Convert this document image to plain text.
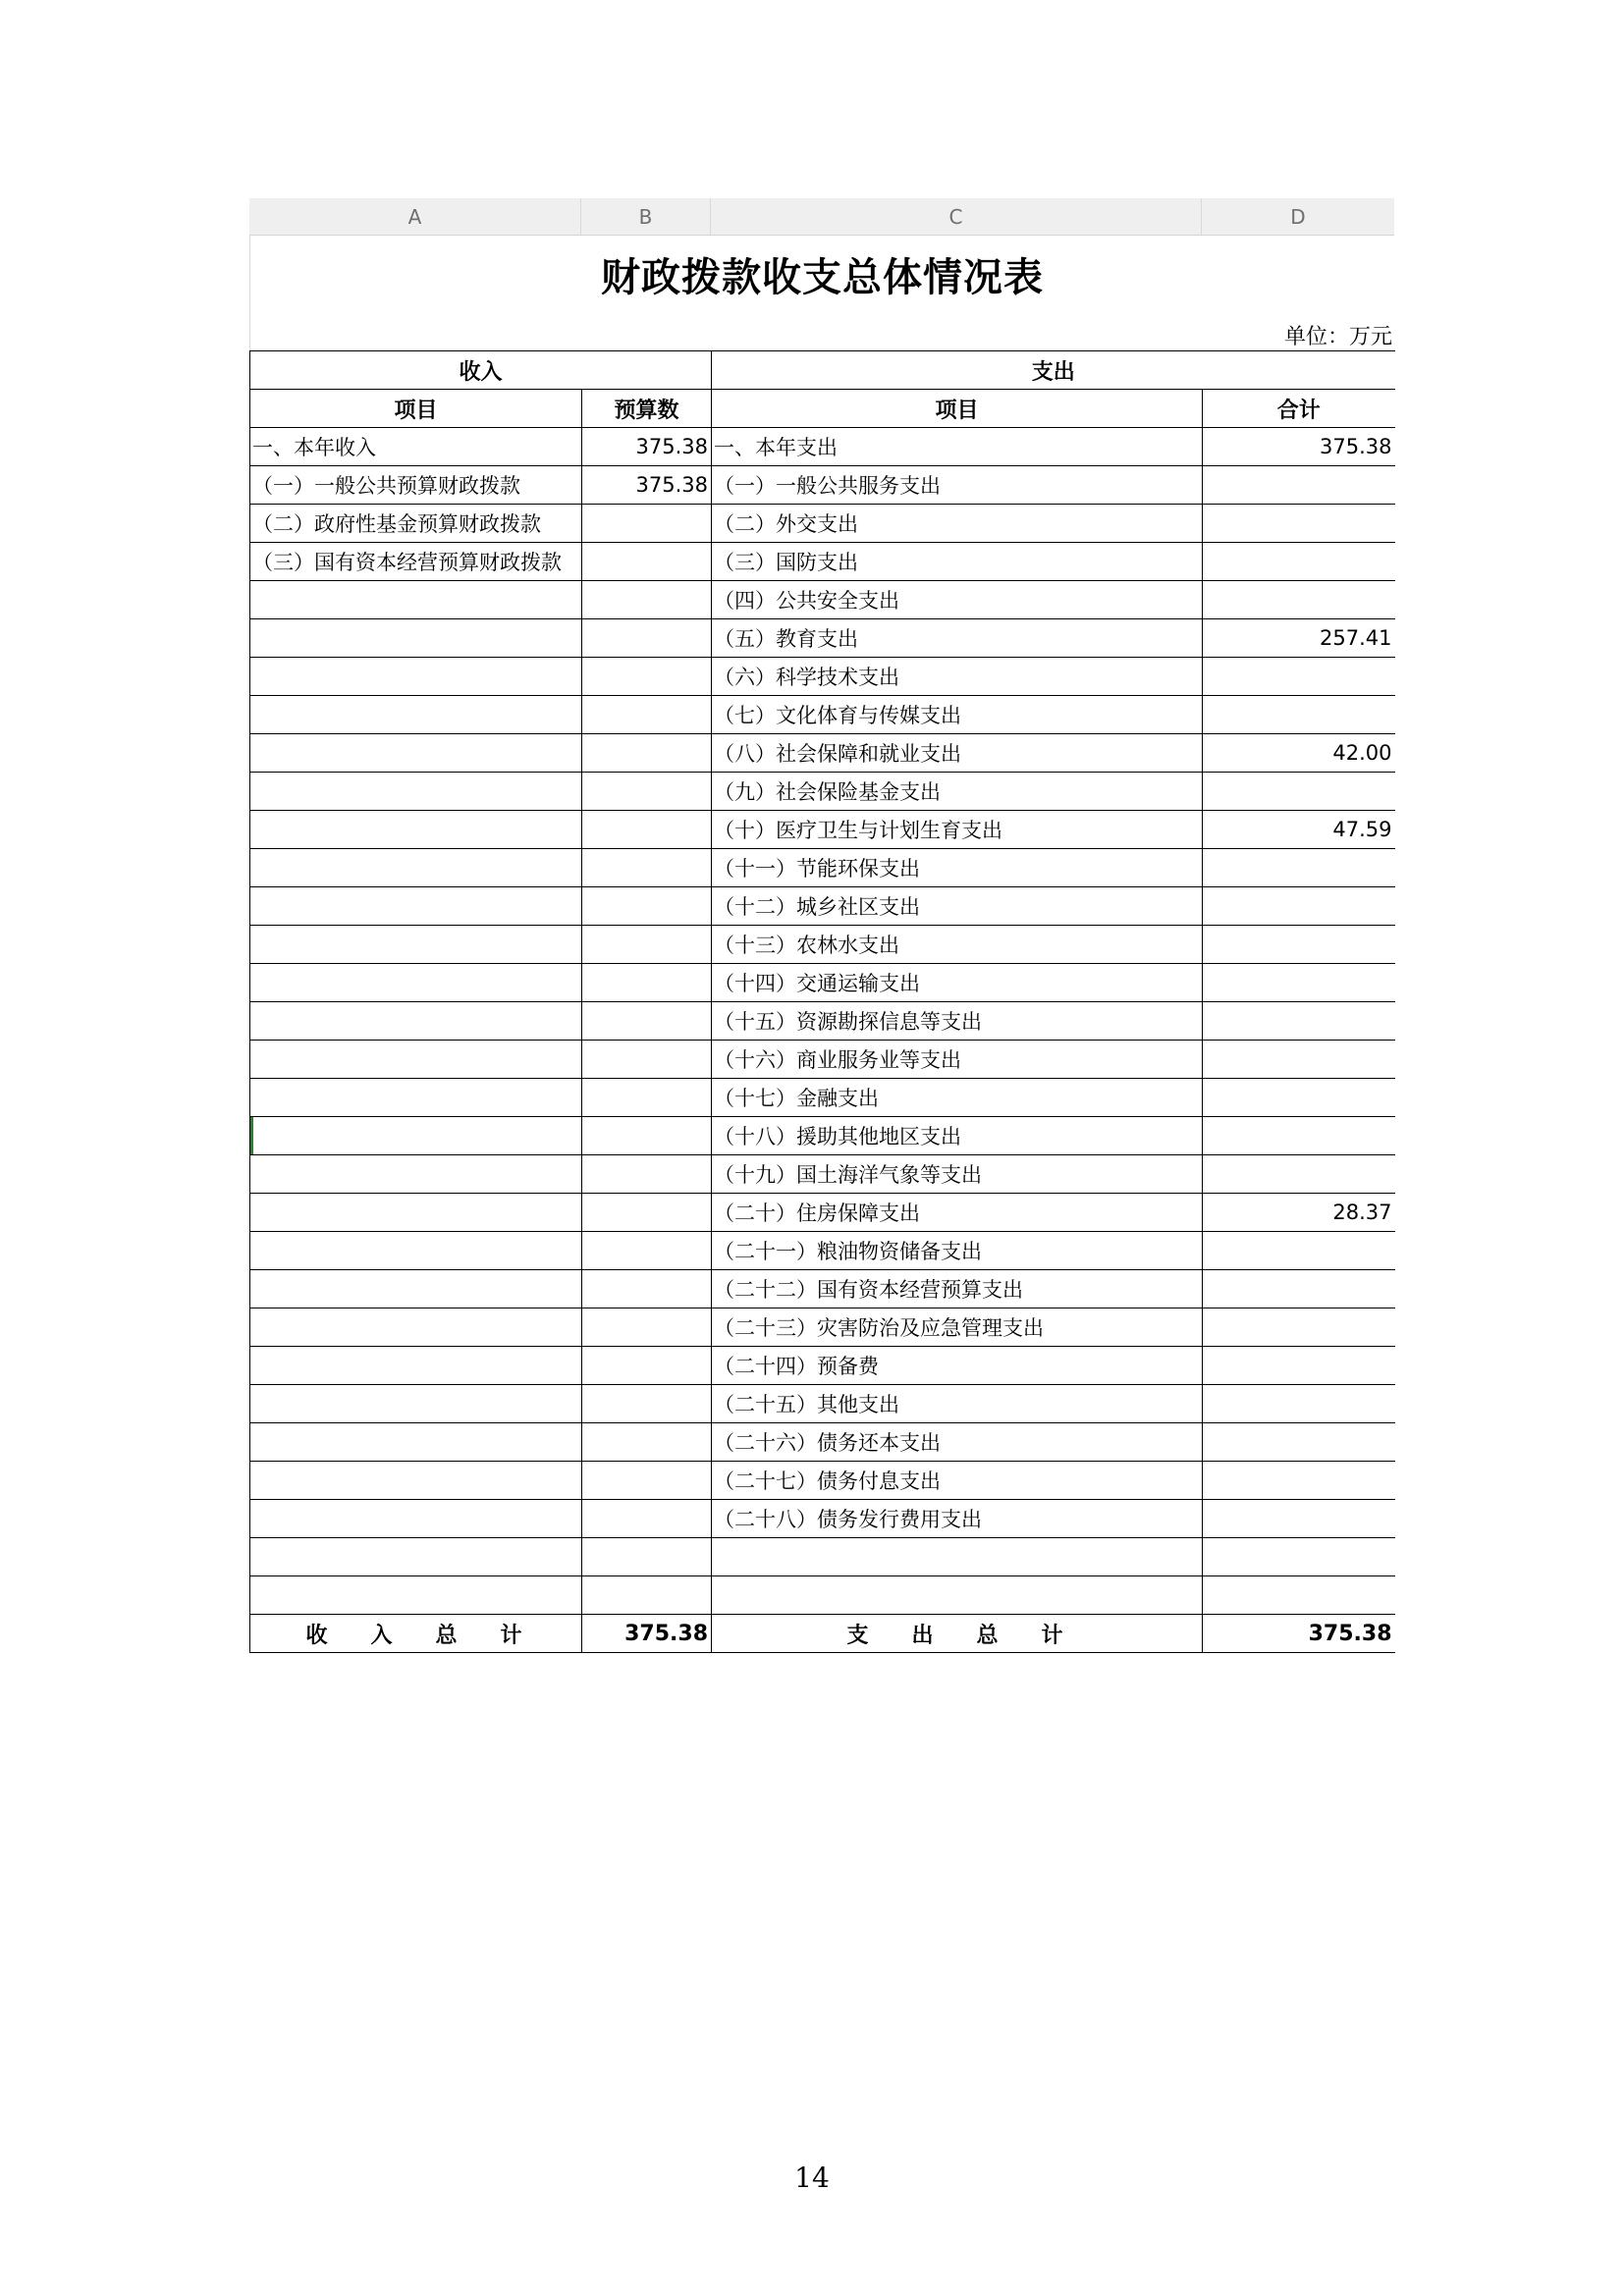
A	B	C	D
财政拨款收支总体情况表
单位：万元
收入		支出	
项目	预算数	项目	合计
一、本年收入	375.38	一、本年支出	375.38
（一）一般公共预算财政拨款	375.38	（一）一般公共服务支出	
（二）政府性基金预算财政拨款		（二）外交支出	
（三）国有资本经营预算财政拨款		（三）国防支出	
		（四）公共安全支出	
		（五）教育支出	257.41
		（六）科学技术支出	
		（七）文化体育与传媒支出	
		（八）社会保障和就业支出	42.00
		（九）社会保险基金支出	
		（十）医疗卫生与计划生育支出	47.59
		（十一）节能环保支出	
		（十二）城乡社区支出	
		（十三）农林水支出	
		（十四）交通运输支出	
		（十五）资源勘探信息等支出	
		（十六）商业服务业等支出	
		（十七）金融支出	
		（十八）援助其他地区支出	
		（十九）国土海洋气象等支出	
		（二十）住房保障支出	28.37
		（二十一）粮油物资储备支出	
		（二十二）国有资本经营预算支出	
		（二十三）灾害防治及应急管理支出	
		（二十四）预备费	
		（二十五）其他支出	
		（二十六）债务还本支出	
		（二十七）债务付息支出	
		（二十八）债务发行费用支出	

收入总计	375.38	支出总计	375.38
14
